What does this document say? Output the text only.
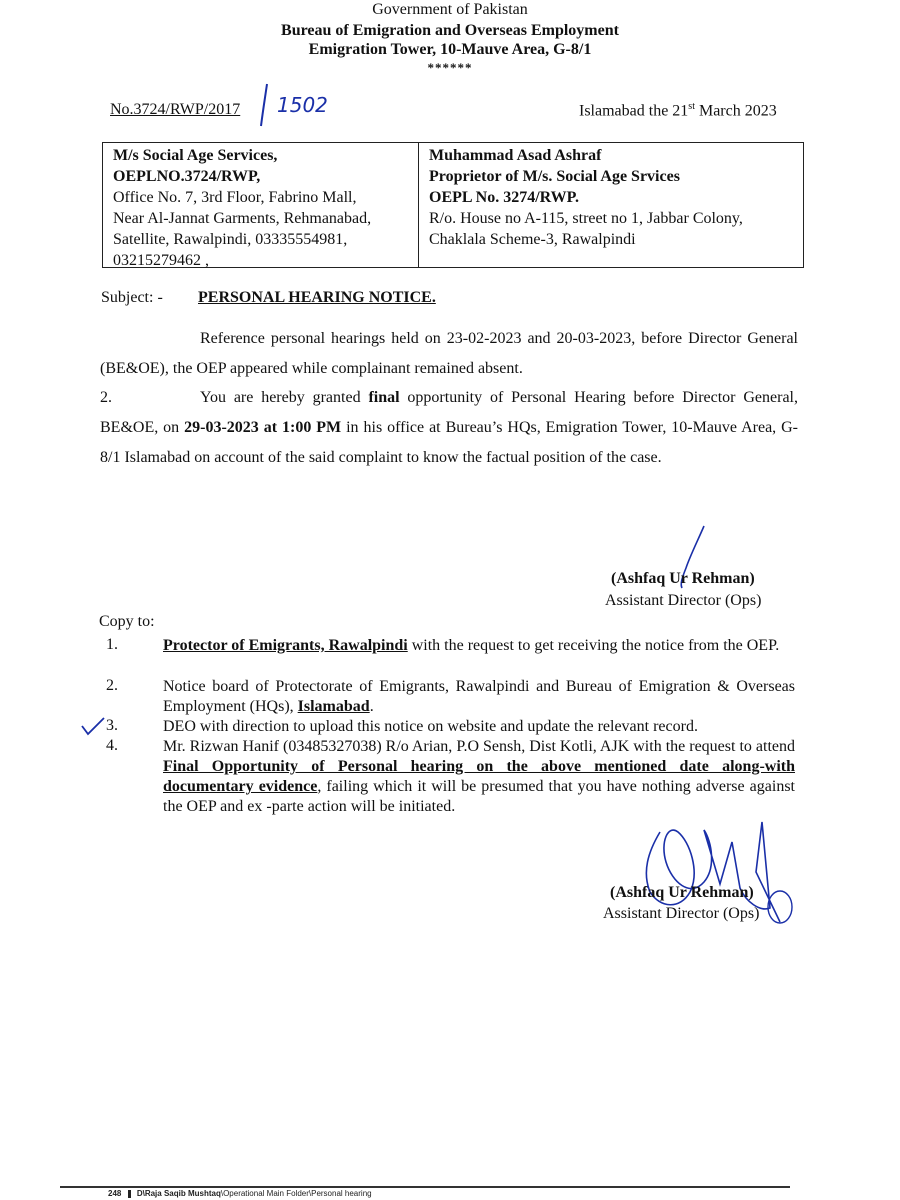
Government of Pakistan
Bureau of Emigration and Overseas Employment
Emigration Tower, 10-Mauve Area, G-8/1
******
No.3724/RWP/2017 1502	Islamabad the 21st March 2023
M/s Social Age Services,
OEPLNO.3724/RWP,
Office No. 7, 3rd Floor, Fabrino Mall,
Near Al-Jannat Garments, Rehmanabad,
Satellite, Rawalpindi, 03335554981,
03215279462 ,
Muhammad Asad Ashraf
Proprietor of M/s. Social Age Srvices
OEPL No. 3274/RWP.
R/o. House no A-115, street no 1, Jabbar Colony,
Chaklala Scheme-3, Rawalpindi
Subject: - PERSONAL HEARING NOTICE.
Reference personal hearings held on 23-02-2023 and 20-03-2023, before Director General (BE&OE), the OEP appeared while complainant remained absent.
2.	You are hereby granted final opportunity of Personal Hearing before Director General, BE&OE, on 29-03-2023 at 1:00 PM in his office at Bureau’s HQs, Emigration Tower, 10-Mauve Area, G-8/1 Islamabad on account of the said complaint to know the factual position of the case.
(Ashfaq Ur Rehman)
Assistant Director (Ops)
Copy to:
1.	Protector of Emigrants, Rawalpindi with the request to get receiving the notice from the OEP.
2.	Notice board of Protectorate of Emigrants, Rawalpindi and Bureau of Emigration & Overseas Employment (HQs), Islamabad.
3.	DEO with direction to upload this notice on website and update the relevant record.
4.	Mr. Rizwan Hanif (03485327038) R/o Arian, P.O Sensh, Dist Kotli, AJK with the request to attend Final Opportunity of Personal hearing on the above mentioned date along-with documentary evidence, failing which it will be presumed that you have nothing adverse against the OEP and ex -parte action will be initiated.
(Ashfaq Ur Rehman)
Assistant Director (Ops)
248 D\Raja Saqib Mushtaq\Operational Main Folder\Personal hearing
